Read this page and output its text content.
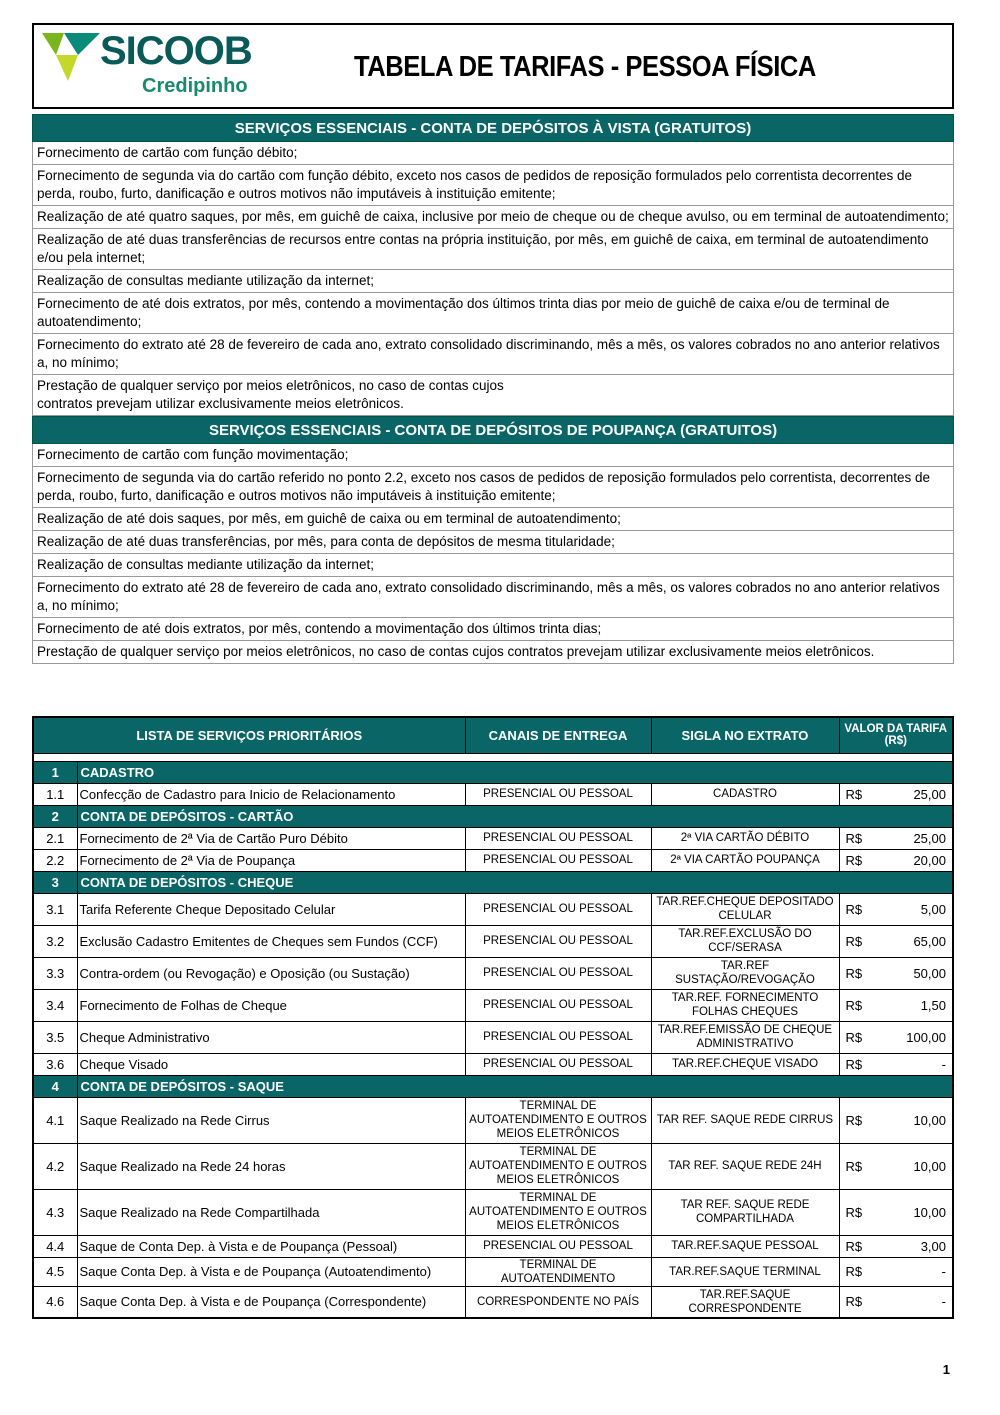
SICOOB
Credipinho
TABELA DE TARIFAS - PESSOA FÍSICA
SERVIÇOS ESSENCIAIS - CONTA DE DEPÓSITOS À VISTA (GRATUITOS)
Fornecimento de cartão com função débito;
Fornecimento de segunda via do cartão com função débito, exceto nos casos de pedidos de reposição formulados pelo correntista decorrentes de perda, roubo, furto, danificação e outros motivos não imputáveis à instituição emitente;
Realização de até quatro saques, por mês, em guichê de caixa, inclusive por meio de cheque ou de cheque avulso, ou em terminal de autoatendimento;
Realização de até duas transferências de recursos entre contas na própria instituição, por mês, em guichê de caixa, em terminal de autoatendimento e/ou pela internet;
Realização de consultas mediante utilização da internet;
Fornecimento de até dois extratos, por mês, contendo a movimentação dos últimos trinta dias por meio de guichê de caixa e/ou de terminal de autoatendimento;
Fornecimento do extrato até 28 de fevereiro de cada ano, extrato consolidado discriminando, mês a mês, os valores cobrados no ano anterior relativos a, no mínimo;
Prestação de qualquer serviço por meios eletrônicos, no caso de contas cujos contratos prevejam utilizar exclusivamente meios eletrônicos.
SERVIÇOS ESSENCIAIS - CONTA DE DEPÓSITOS DE POUPANÇA (GRATUITOS)
Fornecimento de cartão com função movimentação;
Fornecimento de segunda via do cartão referido no ponto 2.2, exceto nos casos de pedidos de reposição formulados pelo correntista, decorrentes de perda, roubo, furto, danificação e outros motivos não imputáveis à instituição emitente;
Realização de até dois saques, por mês, em guichê de caixa ou em terminal de autoatendimento;
Realização de até duas transferências, por mês, para conta de depósitos de mesma titularidade;
Realização de consultas mediante utilização da internet;
Fornecimento do extrato até 28 de fevereiro de cada ano, extrato consolidado discriminando, mês a mês, os valores cobrados no ano anterior relativos a, no mínimo;
Fornecimento de até dois extratos, por mês, contendo a movimentação dos últimos trinta dias;
Prestação de qualquer serviço por meios eletrônicos, no caso de contas cujos contratos prevejam utilizar exclusivamente meios eletrônicos.
LISTA DE SERVIÇOS PRIORITÁRIOS		CANAIS DE ENTREGA	SIGLA NO EXTRATO	VALOR DA TARIFA (R$)	

1	CADASTRO				
1.1	Confecção de Cadastro para Inicio de Relacionamento	PRESENCIAL OU PESSOAL	CADASTRO	R$	25,00
2	CONTA DE DEPÓSITOS - CARTÃO				
2.1	Fornecimento de 2ª Via de Cartão Puro Débito	PRESENCIAL OU PESSOAL	2ª VIA CARTÃO DÉBITO	R$	25,00
2.2	Fornecimento de 2ª Via de Poupança	PRESENCIAL OU PESSOAL	2ª VIA CARTÃO POUPANÇA	R$	20,00
3	CONTA DE DEPÓSITOS - CHEQUE				
3.1	Tarifa Referente Cheque Depositado Celular	PRESENCIAL OU PESSOAL	TAR.REF.CHEQUE DEPOSITADO CELULAR	R$	5,00
3.2	Exclusão Cadastro Emitentes de Cheques sem Fundos (CCF)	PRESENCIAL OU PESSOAL	TAR.REF.EXCLUSÃO DO CCF/SERASA	R$	65,00
3.3	Contra-ordem (ou Revogação) e Oposição (ou Sustação)	PRESENCIAL OU PESSOAL	TAR.REF SUSTAÇÃO/REVOGAÇÃO	R$	50,00
3.4	Fornecimento de Folhas de Cheque	PRESENCIAL OU PESSOAL	TAR.REF. FORNECIMENTO FOLHAS CHEQUES	R$	1,50
3.5	Cheque Administrativo	PRESENCIAL OU PESSOAL	TAR.REF.EMISSÃO DE CHEQUE ADMINISTRATIVO	R$	100,00
3.6	Cheque Visado	PRESENCIAL OU PESSOAL	TAR.REF.CHEQUE VISADO	R$	-
4	CONTA DE DEPÓSITOS - SAQUE				
4.1	Saque Realizado na Rede Cirrus	TERMINAL DE AUTOATENDIMENTO E OUTROS MEIOS ELETRÔNICOS	TAR REF. SAQUE REDE CIRRUS	R$	10,00
4.2	Saque Realizado na Rede 24 horas	TERMINAL DE AUTOATENDIMENTO E OUTROS MEIOS ELETRÔNICOS	TAR REF. SAQUE REDE 24H	R$	10,00
4.3	Saque Realizado na Rede Compartilhada	TERMINAL DE AUTOATENDIMENTO E OUTROS MEIOS ELETRÔNICOS	TAR REF. SAQUE REDE COMPARTILHADA	R$	10,00
4.4	Saque de Conta Dep. à Vista e de Poupança (Pessoal)	PRESENCIAL OU PESSOAL	TAR.REF.SAQUE PESSOAL	R$	3,00
4.5	Saque Conta Dep. à Vista e de Poupança (Autoatendimento)	TERMINAL DE AUTOATENDIMENTO	TAR.REF.SAQUE TERMINAL	R$	-
4.6	Saque Conta Dep. à Vista e de Poupança (Correspondente)	CORRESPONDENTE NO PAÍS	TAR.REF.SAQUE CORRESPONDENTE	R$	-
1
